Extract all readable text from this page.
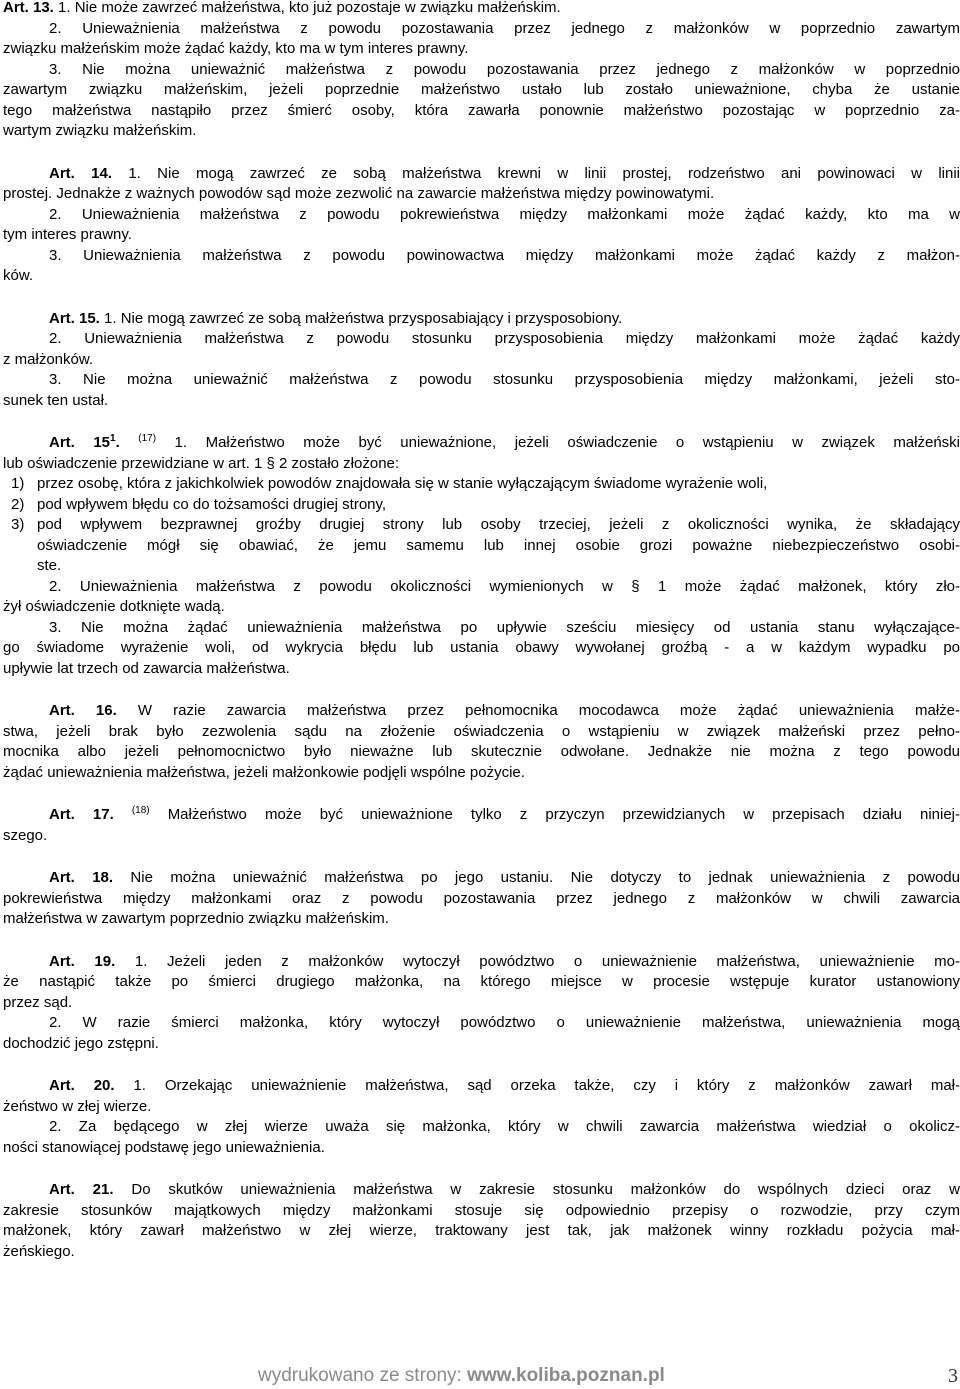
Art. 13. 1. Nie może zawrzeć małżeństwa, kto już pozostaje w związku małżeńskim.

2. Unieważnienia małżeństwa z powodu pozostawania przez jednego z małżonków w poprzednio zawartym

związku małżeńskim może żądać każdy, kto ma w tym interes prawny.

3. Nie można unieważnić małżeństwa z powodu pozostawania przez jednego z małżonków w poprzednio

zawartym związku małżeńskim, jeżeli poprzednie małżeństwo ustało lub zostało unieważnione, chyba że ustanie

tego małżeństwa nastąpiło przez śmierć osoby, która zawarła ponownie małżeństwo pozostając w poprzednio za-

wartym związku małżeńskim.

Art. 14. 1. Nie mogą zawrzeć ze sobą małżeństwa krewni w linii prostej, rodzeństwo ani powinowaci w linii

prostej. Jednakże z ważnych powodów sąd może zezwolić na zawarcie małżeństwa między powinowatymi.

2. Unieważnienia małżeństwa z powodu pokrewieństwa między małżonkami może żądać każdy, kto ma w

tym interes prawny.

3. Unieważnienia małżeństwa z powodu powinowactwa między małżonkami może żądać każdy z małżon-

ków.

Art. 15. 1. Nie mogą zawrzeć ze sobą małżeństwa przysposabiający i przysposobiony.

2. Unieważnienia małżeństwa z powodu stosunku przysposobienia między małżonkami może żądać każdy

z małżonków.

3. Nie można unieważnić małżeństwa z powodu stosunku przysposobienia między małżonkami, jeżeli sto-

sunek ten ustał.

Art. $15^1$. $^{(17)}$ 1. Małżeństwo może być unieważnione, jeżeli oświadczenie o wstąpieniu w związek małżeński

lub oświadczenie przewidziane w art. 1 § 2 zostało złożone:

1) przez osobę, która z jakichkolwiek powodów znajdowała się w stanie wyłączającym świadome wyrażenie woli,
2) pod wpływem błędu co do tożsamości drugiej strony,
3) pod wpływem bezprawnej groźby drugiej strony lub osoby trzeciej, jeżeli z okoliczności wynika, że składający
oświadczenie mógł się obawiać, że jemu samemu lub innej osobie grozi poważne niebezpieczeństwo osobi-
ste.

2. Unieważnienia małżeństwa z powodu okoliczności wymienionych w § 1 może żądać małżonek, który zło-

żył oświadczenie dotknięte wadą.

3. Nie można żądać unieważnienia małżeństwa po upływie sześciu miesięcy od ustania stanu wyłączające-

go świadome wyrażenie woli, od wykrycia błędu lub ustania obawy wywołanej groźbą - a w każdym wypadku po

upływie lat trzech od zawarcia małżeństwa.

Art. 16. W razie zawarcia małżeństwa przez pełnomocnika mocodawca może żądać unieważnienia małże-

stwa, jeżeli brak było zezwolenia sądu na złożenie oświadczenia o wstąpieniu w związek małżeński przez pełno-

mocnika albo jeżeli pełnomocnictwo było nieważne lub skutecznie odwołane. Jednakże nie można z tego powodu

żądać unieważnienia małżeństwa, jeżeli małżonkowie podjęli wspólne pożycie.

Art. 17. $^{(18)}$ Małżeństwo może być unieważnione tylko z przyczyn przewidzianych w przepisach działu niniej-

szego.

Art. 18. Nie można unieważnić małżeństwa po jego ustaniu. Nie dotyczy to jednak unieważnienia z powodu

pokrewieństwa między małżonkami oraz z powodu pozostawania przez jednego z małżonków w chwili zawarcia

małżeństwa w zawartym poprzednio związku małżeńskim.

Art. 19. 1. Jeżeli jeden z małżonków wytoczył powództwo o unieważnienie małżeństwa, unieważnienie mo-

że nastąpić także po śmierci drugiego małżonka, na którego miejsce w procesie wstępuje kurator ustanowiony

przez sąd.

2. W razie śmierci małżonka, który wytoczył powództwo o unieważnienie małżeństwa, unieważnienia mogą

dochodzić jego zstępni.

Art. 20. 1. Orzekając unieważnienie małżeństwa, sąd orzeka także, czy i który z małżonków zawarł mał-

żeństwo w złej wierze.

2. Za będącego w złej wierze uważa się małżonka, który w chwili zawarcia małżeństwa wiedział o okolicz-

ności stanowiącej podstawę jego unieważnienia.

Art. 21. Do skutków unieważnienia małżeństwa w zakresie stosunku małżonków do wspólnych dzieci oraz w

zakresie stosunków majątkowych między małżonkami stosuje się odpowiednio przepisy o rozwodzie, przy czym

małżonek, który zawarł małżeństwo w złej wierze, traktowany jest tak, jak małżonek winny rozkładu pożycia mał-

żeńskiego.

wydrukowano ze strony: www.koliba.poznan.pl	3
